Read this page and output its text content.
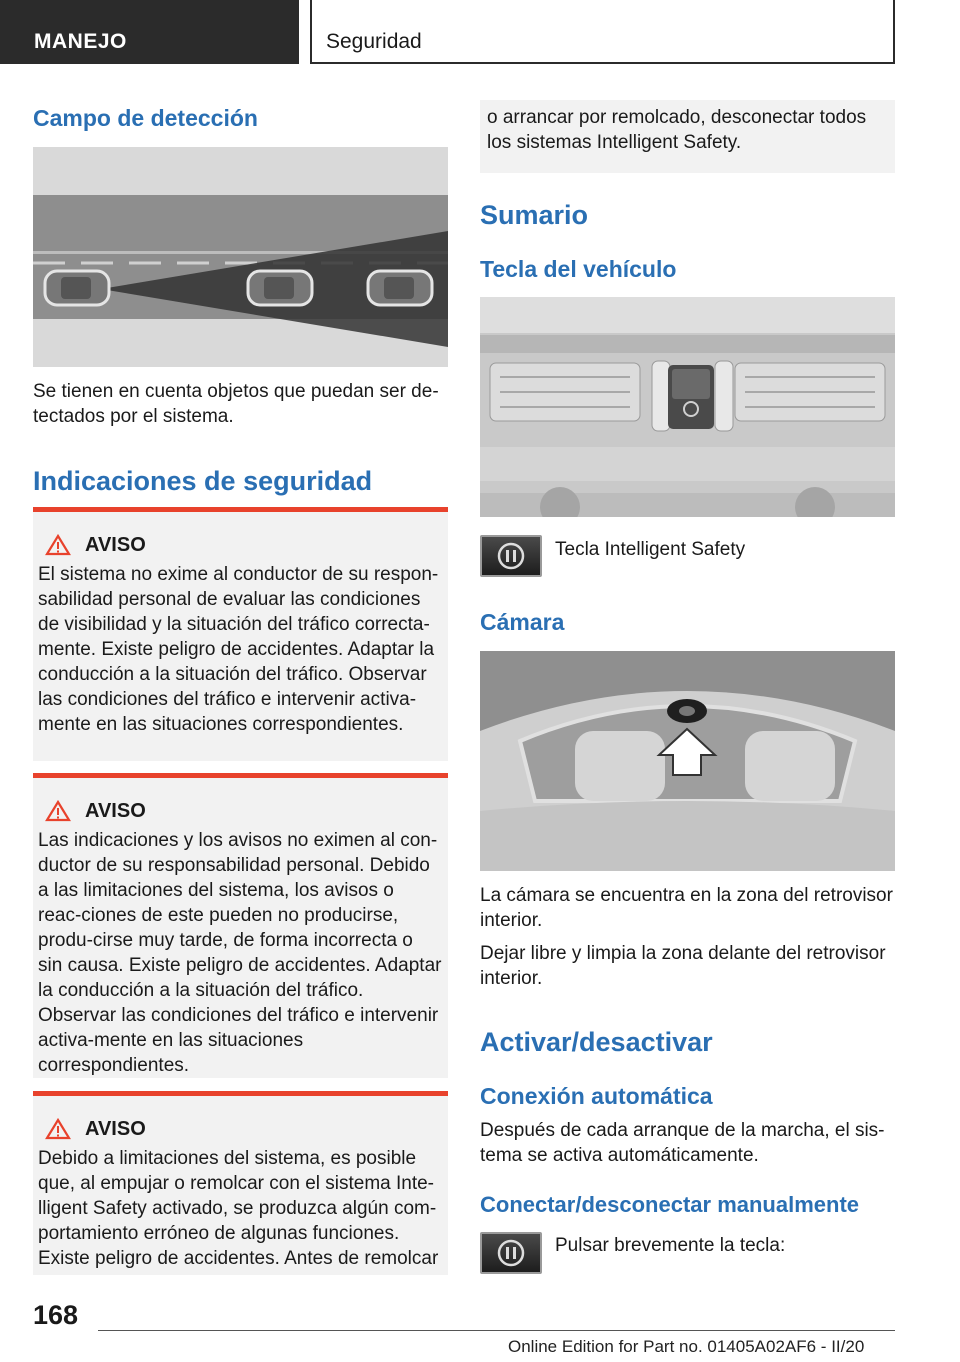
MANEJO	Seguridad
Campo de detección

Se tienen en cuenta objetos que puedan ser de-tectados por el sistema.

Indicaciones de seguridad
AVISO

El sistema no exime al conductor de su respon-sabilidad personal de evaluar las condiciones de visibilidad y la situación del tráfico correcta-mente. Existe peligro de accidentes. Adaptar la conducción a la situación del tráfico. Observar las condiciones del tráfico e intervenir activa-mente en las situaciones correspondientes.

AVISO

Las indicaciones y los avisos no eximen al con-ductor de su responsabilidad personal. Debido a las limitaciones del sistema, los avisos o reac-ciones de este pueden no producirse, produ-cirse muy tarde, de forma incorrecta o sin causa. Existe peligro de accidentes. Adaptar la conducción a la situación del tráfico. Observar las condiciones del tráfico e intervenir activa-mente en las situaciones correspondientes.

AVISO

Debido a limitaciones del sistema, es posible que, al empujar o remolcar con el sistema Inte-lligent Safety activado, se produzca algún com-portamiento erróneo de algunas funciones. Existe peligro de accidentes. Antes de remolcar

o arrancar por remolcado, desconectar todos los sistemas Intelligent Safety.

Sumario
Tecla del vehículo

Tecla Intelligent Safety

Cámara

La cámara se encuentra en la zona del retrovisor interior.

Dejar libre y limpia la zona delante del retrovisor interior.

Activar/desactivar
Conexión automática

Después de cada arranque de la marcha, el sis-tema se activa automáticamente.

Conectar/desconectar manualmente

Pulsar brevemente la tecla:

168
Online Edition for Part no. 01405A02AF6 - II/20
